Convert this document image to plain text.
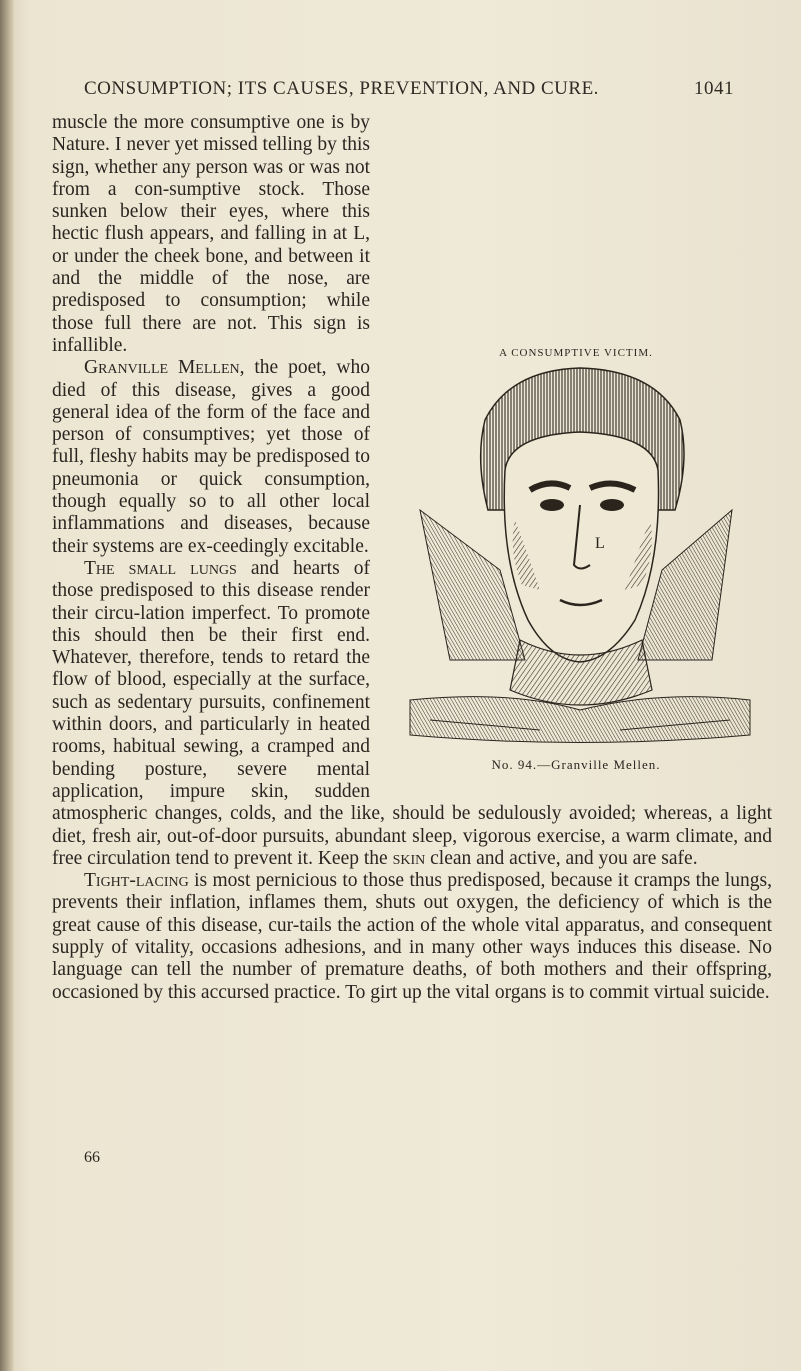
CONSUMPTION; ITS CAUSES, PREVENTION, AND CURE.	1041
A CONSUMPTIVE VICTIM.
L
No. 94.—Granville Mellen.

muscle the more consumptive one is by Nature. I never yet missed telling by this sign, whether any person was or was not from a con-sumptive stock. Those sunken below their eyes, where this hectic flush appears, and falling in at L, or under the cheek bone, and between it and the middle of the nose, are predisposed to consumption; while those full there are not. This sign is infallible.

Granville Mellen, the poet, who died of this disease, gives a good general idea of the form of the face and person of consumptives; yet those of full, fleshy habits may be predisposed to pneumonia or quick consumption, though equally so to all other local inflammations and diseases, because their systems are ex-ceedingly excitable.

The small lungs and hearts of those predisposed to this disease render their circu-lation imperfect. To promote this should then be their first end. Whatever, therefore, tends to retard the flow of blood, especially at the surface, such as sedentary pursuits, confinement within doors, and particularly in heated rooms, habitual sewing, a cramped and bending posture, severe mental application, impure skin, sudden atmospheric changes, colds, and the like, should be sedulously avoided; whereas, a light diet, fresh air, out-of-door pursuits, abundant sleep, vigorous exercise, a warm climate, and free circulation tend to prevent it. Keep the skin clean and active, and you are safe.

Tight-lacing is most pernicious to those thus predisposed, because it cramps the lungs, prevents their inflation, inflames them, shuts out oxygen, the deficiency of which is the great cause of this disease, cur-tails the action of the whole vital apparatus, and consequent supply of vitality, occasions adhesions, and in many other ways induces this disease. No language can tell the number of premature deaths, of both mothers and their offspring, occasioned by this accursed practice. To girt up the vital organs is to commit virtual suicide.

66
